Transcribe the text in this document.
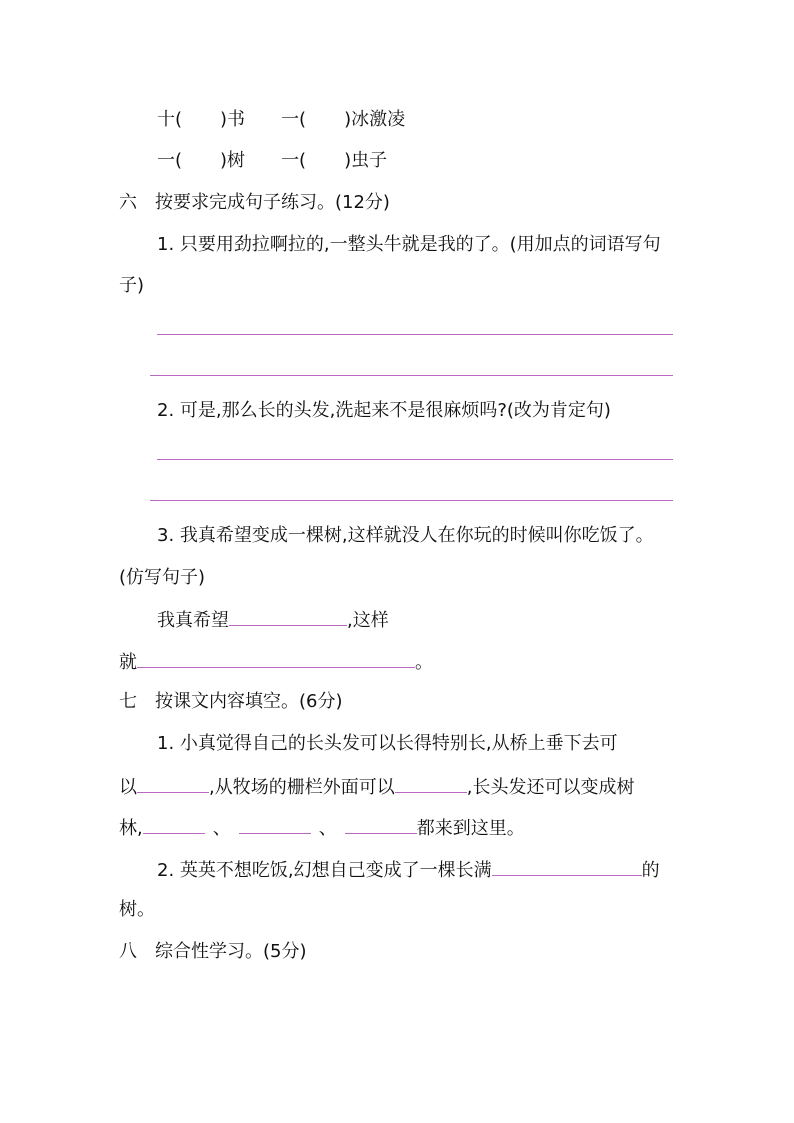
十( )书 一( )冰激凌
一( )树 一( )虫子
六　按要求完成句子练习。(12分)
1. 只要用劲拉啊拉的,一整头牛就是我的了。(用加点的词语写句
子)
2. 可是,那么长的头发,洗起来不是很麻烦吗?(改为肯定句)
3. 我真希望变成一棵树,这样就没人在你玩的时候叫你吃饭了。
(仿写句子)
我真希望	,这样
就	。
七　按课文内容填空。(6分)
1. 小真觉得自己的长头发可以长得特别长,从桥上垂下去可
以	,从牧场的栅栏外面可以	,长头发还可以变成树
林,	、	、	都来到这里。
2. 英英不想吃饭,幻想自己变成了一棵长满	的
树。
八　综合性学习。(5分)
